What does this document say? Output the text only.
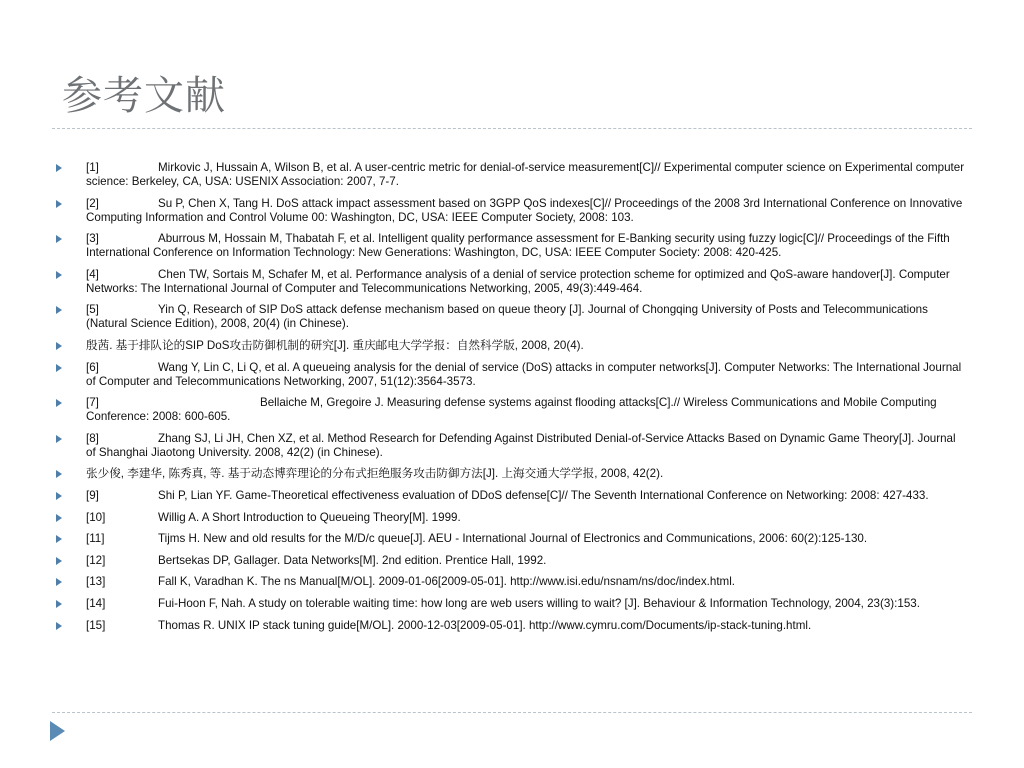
参考文献
[1]	Mirkovic J, Hussain A, Wilson B, et al. A user-centric metric for denial-of-service measurement[C]// Experimental computer science on Experimental computer science: Berkeley, CA, USA: USENIX Association: 2007, 7-7.
[2]	Su P, Chen X, Tang H. DoS attack impact assessment based on 3GPP QoS indexes[C]// Proceedings of the 2008 3rd International Conference on Innovative Computing Information and Control Volume 00: Washington, DC, USA: IEEE Computer Society, 2008: 103.
[3]	Aburrous M, Hossain M, Thabatah F, et al. Intelligent quality performance assessment for E-Banking security using fuzzy logic[C]// Proceedings of the Fifth International Conference on Information Technology: New Generations: Washington, DC, USA: IEEE Computer Society: 2008: 420-425.
[4]	Chen TW, Sortais M, Schafer M, et al. Performance analysis of a denial of service protection scheme for optimized and QoS-aware handover[J]. Computer Networks: The International Journal of Computer and Telecommunications Networking, 2005, 49(3):449-464.
[5]	Yin Q, Research of SIP DoS attack defense mechanism based on queue theory [J]. Journal of Chongqing University of Posts and Telecommunications (Natural Science Edition), 2008, 20(4) (in Chinese).
殷茜. 基于排队论的SIP DoS攻击防御机制的研究[J]. 重庆邮电大学学报：自然科学版, 2008, 20(4).
[6]	Wang Y, Lin C, Li Q, et al. A queueing analysis for the denial of service (DoS) attacks in computer networks[J]. Computer Networks: The International Journal of Computer and Telecommunications Networking, 2007, 51(12):3564-3573.
[7]	Bellaiche M, Gregoire J. Measuring defense systems against flooding attacks[C].// Wireless Communications and Mobile Computing Conference: 2008: 600-605.
[8]	Zhang SJ, Li JH, Chen XZ, et al. Method Research for Defending Against Distributed Denial-of-Service Attacks Based on Dynamic Game Theory[J]. Journal of Shanghai Jiaotong University. 2008, 42(2) (in Chinese).
张少俊, 李建华, 陈秀真, 等. 基于动态博弈理论的分布式拒绝服务攻击防御方法[J]. 上海交通大学学报, 2008, 42(2).
[9]	Shi P, Lian YF. Game-Theoretical effectiveness evaluation of DDoS defense[C]// The Seventh International Conference on Networking: 2008: 427-433.
[10]	Willig A. A Short Introduction to Queueing Theory[M]. 1999.
[11]	Tijms H. New and old results for the M/D/c queue[J]. AEU - International Journal of Electronics and Communications, 2006: 60(2):125-130.
[12]	Bertsekas DP, Gallager. Data Networks[M]. 2nd edition. Prentice Hall, 1992.
[13]	Fall K, Varadhan K. The ns Manual[M/OL]. 2009-01-06[2009-05-01]. http://www.isi.edu/nsnam/ns/doc/index.html.
[14]	Fui-Hoon F, Nah. A study on tolerable waiting time: how long are web users willing to wait? [J]. Behaviour & Information Technology, 2004, 23(3):153.
[15]	Thomas R. UNIX IP stack tuning guide[M/OL]. 2000-12-03[2009-05-01]. http://www.cymru.com/Documents/ip-stack-tuning.html.
